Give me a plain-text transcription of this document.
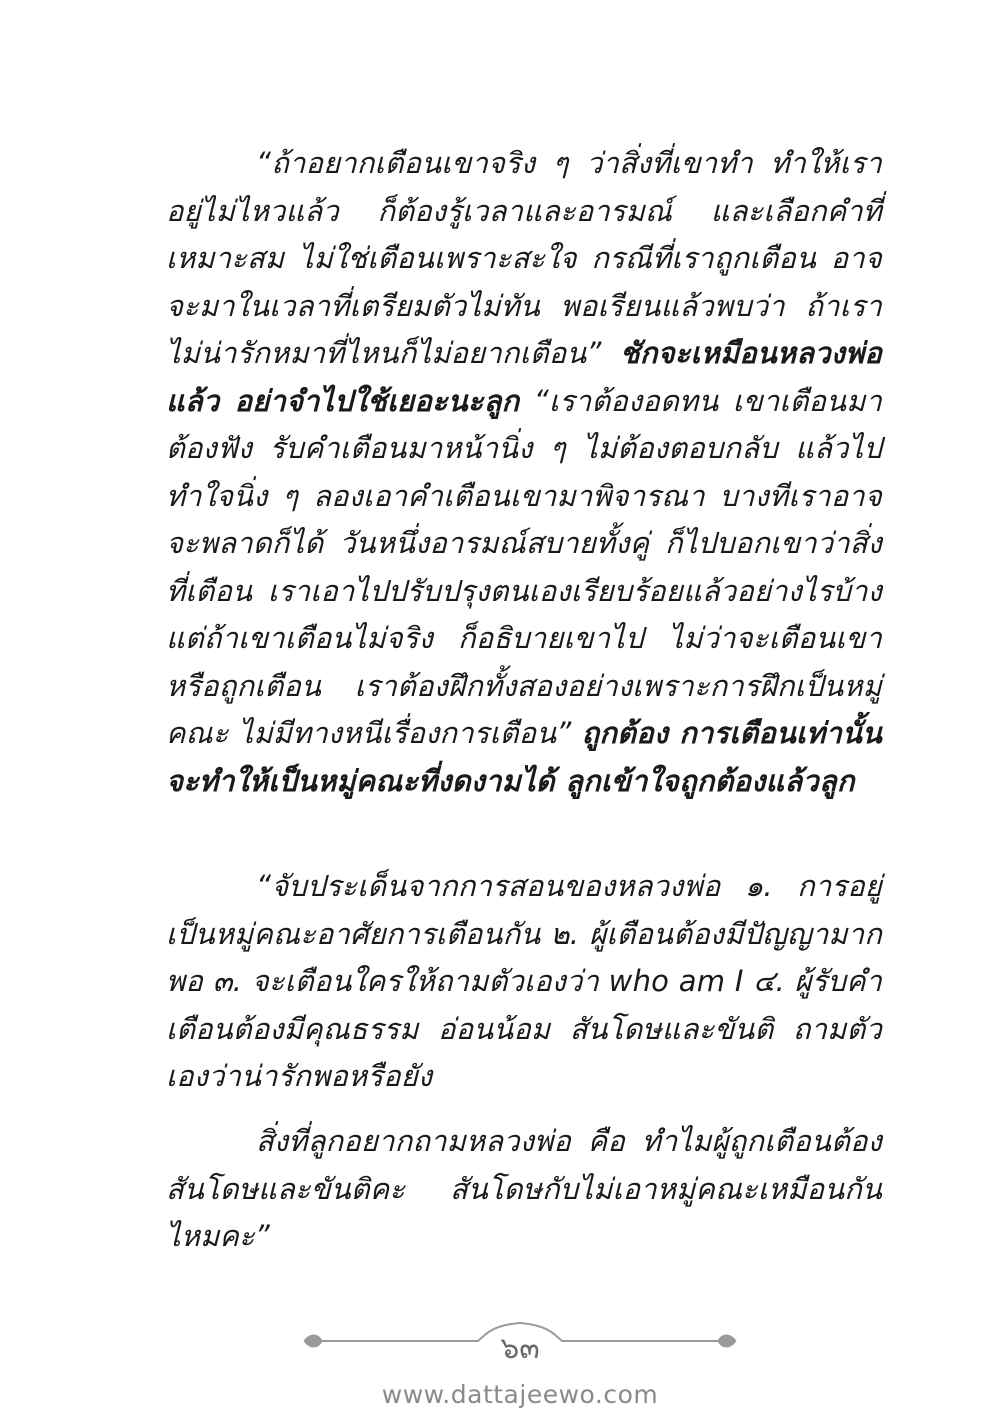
“ถ้าอยากเตือนเขาจริง ๆ ว่าสิ่งที่เขาทำ ทำให้เราอยู่ไม่ไหวแล้ว ก็ต้องรู้เวลาและอารมณ์ และเลือกคำที่เหมาะสม ไม่ใช่เตือนเพราะสะใจ กรณีที่เราถูกเตือน อาจจะมาในเวลาที่เตรียมตัวไม่ทัน พอเรียนแล้วพบว่า ถ้าเราไม่น่ารักหมาที่ไหนก็ไม่อยากเตือน” ชักจะเหมือนหลวงพ่อแล้ว อย่าจำไปใช้เยอะนะลูก “เราต้องอดทน เขาเตือนมาต้องฟัง รับคำเตือนมาหน้านิ่ง ๆ ไม่ต้องตอบกลับ แล้วไปทำใจนิ่ง ๆ ลองเอาคำเตือนเขามาพิจารณา บางทีเราอาจจะพลาดก็ได้ วันหนึ่งอารมณ์สบายทั้งคู่ ก็ไปบอกเขาว่าสิ่งที่เตือน เราเอาไปปรับปรุงตนเองเรียบร้อยแล้วอย่างไรบ้าง แต่ถ้าเขาเตือนไม่จริง ก็อธิบายเขาไป ไม่ว่าจะเตือนเขาหรือถูกเตือน เราต้องฝึกทั้งสองอย่างเพราะการฝึกเป็นหมู่คณะ ไม่มีทางหนีเรื่องการเตือน” ถูกต้อง การเตือนเท่านั้นจะทำให้เป็นหมู่คณะที่งดงามได้ ลูกเข้าใจถูกต้องแล้วลูก

“จับประเด็นจากการสอนของหลวงพ่อ ๑. การอยู่เป็นหมู่คณะอาศัยการเตือนกัน ๒. ผู้เตือนต้องมีปัญญามากพอ ๓. จะเตือนใครให้ถามตัวเองว่า who am I ๔. ผู้รับคำเตือนต้องมีคุณธรรม อ่อนน้อม สันโดษและขันติ ถามตัวเองว่าน่ารักพอหรือยัง

สิ่งที่ลูกอยากถามหลวงพ่อ คือ ทำไมผู้ถูกเตือนต้อง สันโดษและขันติคะ สันโดษกับไม่เอาหมู่คณะเหมือนกันไหมคะ”

๖๓
www.dattajeewo.com
